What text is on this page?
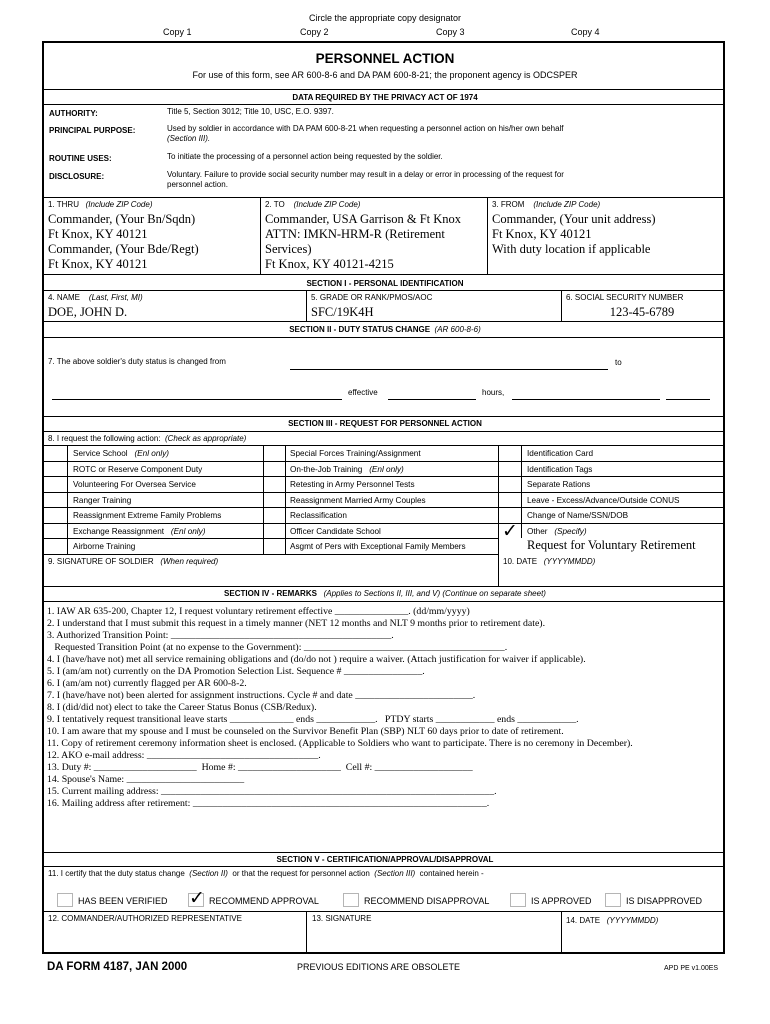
Circle the appropriate copy designator
Copy 1	Copy 2	Copy 3	Copy 4
PERSONNEL ACTION
For use of this form, see AR 600-8-6 and DA PAM 600-8-21; the proponent agency is ODCSPER
DATA REQUIRED BY THE PRIVACY ACT OF 1974
AUTHORITY:	Title 5, Section 3012; Title 10, USC, E.O. 9397.
PRINCIPAL PURPOSE:	Used by soldier in accordance with DA PAM 600-8-21 when requesting a personnel action on his/her own behalf
(Section III).
ROUTINE USES:	To initiate the processing of a personnel action being requested by the soldier.
DISCLOSURE:	Voluntary. Failure to provide social security number may result in a delay or error in processing of the request for
personnel action.
1. THRU (Include ZIP Code)
Commander, (Your Bn/Sqdn)
Ft Knox, KY 40121
Commander, (Your Bde/Regt)
Ft Knox, KY 40121
2. TO (Include ZIP Code)
Commander, USA Garrison & Ft Knox
ATTN: IMKN-HRM-R (Retirement
Services)
Ft Knox, KY 40121-4215
3. FROM (Include ZIP Code)
Commander, (Your unit address)
Ft Knox, KY 40121
With duty location if applicable
SECTION I - PERSONAL IDENTIFICATION
4. NAME (Last, First, MI)
DOE, JOHN D.
5. GRADE OR RANK/PMOS/AOC
SFC/19K4H
6. SOCIAL SECURITY NUMBER
123-45-6789
SECTION II - DUTY STATUS CHANGE (AR 600-8-6)
7. The above soldier's duty status is changed from	to
effective	hours,
SECTION III - REQUEST FOR PERSONNEL ACTION
8. I request the following action: (Check as appropriate)
Service School (Enl only)
ROTC or Reserve Component Duty
Volunteering For Oversea Service
Ranger Training
Reassignment Extreme Family Problems
Exchange Reassignment (Enl only)
Airborne Training
Special Forces Training/Assignment
On-the-Job Training (Enl only)
Retesting in Army Personnel Tests
Reassignment Married Army Couples
Reclassification
Officer Candidate School
Asgmt of Pers with Exceptional Family Members
Identification Card
Identification Tags
Separate Rations
Leave - Excess/Advance/Outside CONUS
Change of Name/SSN/DOB
Other (Specify)
✓
Request for Voluntary Retirement
9. SIGNATURE OF SOLDIER (When required)	10. DATE (YYYYMMDD)
SECTION IV - REMARKS (Applies to Sections II, III, and V) (Continue on separate sheet)
1. IAW AR 635-200, Chapter 12, I request voluntary retirement effective _______________. (dd/mm/yyyy)
2. I understand that I must submit this request in a timely manner (NET 12 months and NLT 9 months prior to retirement date).
3. Authorized Transition Point: _____________________________________________.
Requested Transition Point (at no expense to the Government): _________________________________________.
4. I (have/have not) met all service remaining obligations and (do/do not ) require a waiver. (Attach justification for waiver if applicable).
5. I (am/am not) currently on the DA Promotion Selection List. Sequence # ________________.
6. I (am/am not) currently flagged per AR 600-8-2.
7. I (have/have not) been alerted for assignment instructions. Cycle # and date ________________________.
8. I (did/did not) elect to take the Career Status Bonus (CSB/Redux).
9. I tentatively request transitional leave starts _____________ ends ____________.   PTDY starts ____________ ends ____________.
10. I am aware that my spouse and I must be counseled on the Survivor Benefit Plan (SBP) NLT 60 days prior to date of retirement.
11. Copy of retirement ceremony information sheet is enclosed. (Applicable to Soldiers who want to participate. There is no ceremony in December).
12. AKO e-mail address: ___________________________________.
13. Duty #: _____________________  Home #: _____________________  Cell #: ____________________
14. Spouse's Name: ________________________
15. Current mailing address: ____________________________________________________________________.
16. Mailing address after retirement: ____________________________________________________________.
SECTION V - CERTIFICATION/APPROVAL/DISAPPROVAL
11. I certify that the duty status change (Section II) or that the request for personnel action (Section III) contained herein -
HAS BEEN VERIFIED ✓ RECOMMEND APPROVAL	RECOMMEND DISAPPROVAL	IS APPROVED	IS DISAPPROVED
12. COMMANDER/AUTHORIZED REPRESENTATIVE	13. SIGNATURE	14. DATE (YYYYMMDD)
DA FORM 4187, JAN 2000	PREVIOUS EDITIONS ARE OBSOLETE	APD PE v1.00ES
